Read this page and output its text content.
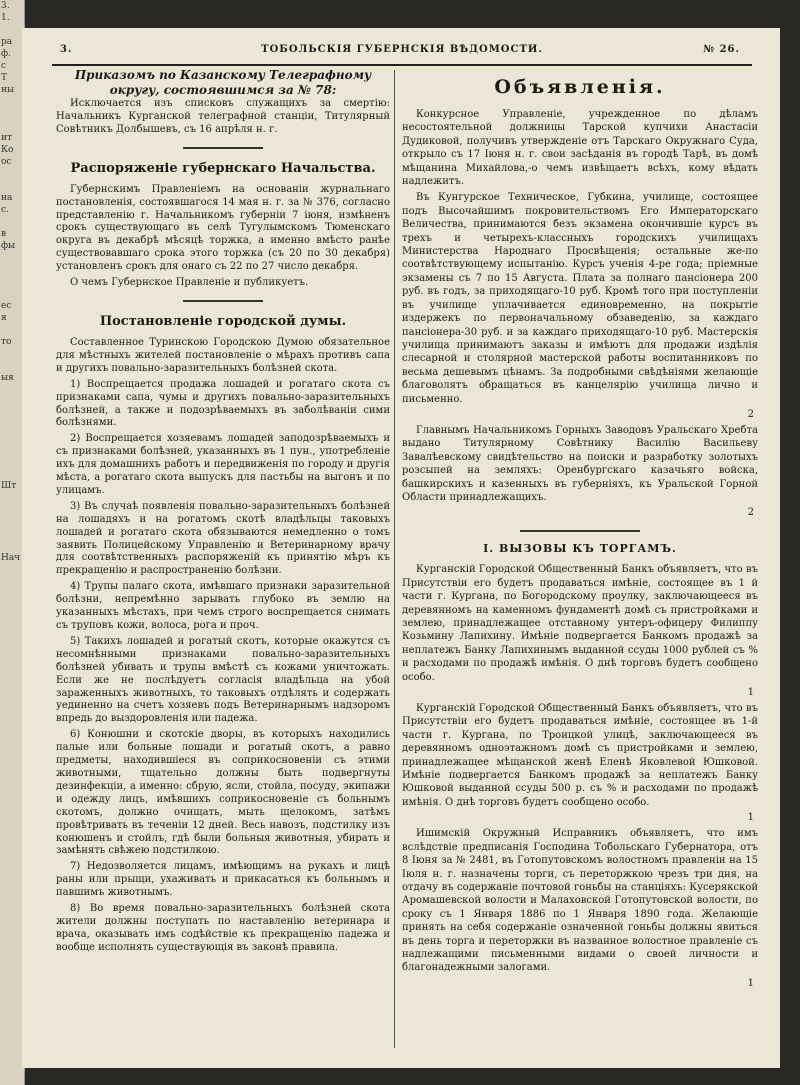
3.
1.

ра
ф.
с
Т
ны

ит
Ко
ос

на
с.

в
фы

ес
я

то

ыя

Шт

Нач

3.	ТОБОЛЬСКІЯ ГУБЕРНСКІЯ ВѢДОМОСТИ.	№ 26.
Приказомъ по Казанскому Телеграфному округу, состоявшимся за № 78:

Исключается изъ списковъ служащихъ за смертію: Начальникъ Курганской телеграфной станціи, Титулярный Совѣтникъ Долбышевъ, съ 16 апрѣля н. г.

Распоряженіе губернскаго Начальства.

Губернскимъ Правленіемъ на основаніи журнальнаго постановленія, состоявшагося 14 мая н. г. за № 376, согласно представленію г. Начальникомъ губерніи 7 іюня, измѣненъ срокъ существующаго въ селѣ Тугулымскомъ Тюменскаго округа въ декабрѣ мѣсяцѣ торжка, а именно вмѣсто ранѣе существовавшаго срока этого торжка (съ 20 по 30 декабря) установленъ срокъ для онаго съ 22 по 27 число декабря.

О чемъ Губернское Правленіе и публикуетъ.

Постановленіе городской думы.

Составленное Туринскою Городскою Думою обязательное для мѣстныхъ жителей постановленіе о мѣрахъ противъ сапа и другихъ повально-заразительныхъ болѣзней скота.

1) Воспрещается продажа лошадей и рогатаго скота съ признаками сапа, чумы и другихъ повально-заразительныхъ болѣзней, а также и подозрѣваемыхъ въ заболѣваніи сими болѣзнями.

2) Воспрещается хозяевамъ лошадей заподозрѣваемыхъ и съ признаками болѣзней, указанныхъ въ 1 пун., употребленіе ихъ для домашнихъ работъ и передвиженія по городу и другія мѣста, а рогатаго скота выпускъ для пастьбы на выгонъ и по улицамъ.

3) Въ случаѣ появленія повально-заразительныхъ болѣзней на лошадяхъ и на рогатомъ скотѣ владѣльцы таковыхъ лошадей и рогатаго скота обязываются немедленно о томъ заявить Полицейскому Управленію и Ветеринарному врачу для соотвѣтственныхъ распоряженій къ принятію мѣръ къ прекращенію и распространенію болѣзни.

4) Трупы палаго скота, имѣвшаго признаки заразительной болѣзни, непремѣнно зарывать глубоко въ землю на указанныхъ мѣстахъ, при чемъ строго воспрещается снимать съ труповъ кожи, волоса, рога и проч.

5) Такихъ лошадей и рогатый скотъ, которые окажутся съ несомнѣнными признаками повально-заразительныхъ болѣзней убивать и трупы вмѣстѣ съ кожами уничтожать. Если же не послѣдуетъ согласія владѣльца на убой зараженныхъ животныхъ, то таковыхъ отдѣлять и содержать уединенно на счетъ хозяевъ подъ Ветеринарнымъ надзоромъ впредь до выздоровленія или падежа.

6) Конюшни и скотскіе дворы, въ которыхъ находились палые или больные лошади и рогатый скотъ, а равно предметы, находившіеся въ соприкосновеніи съ этими животными, тщательно должны быть подвергнуты дезинфекціи, а именно: сбрую, ясли, стойла, посуду, экипажи и одежду лицъ, имѣвшихъ соприкосновеніе съ больнымъ скотомъ, должно очищать, мыть щелокомъ, затѣмъ провѣтривать въ теченіи 12 дней. Весь навозъ, подстилку изъ конюшенъ и стойлъ, гдѣ были больныя животныя, убирать и замѣнять свѣжею подстилкою.

7) Недозволяется лицамъ, имѣющимъ на рукахъ и лицѣ раны или прыщи, ухаживать и прикасаться къ больнымъ и павшимъ животнымъ.

8) Во время повально-заразительныхъ болѣзней скота жители должны поступать по наставленію ветеринара и врача, оказывать имъ содѣйствіе къ прекращенію падежа и вообще исполнять существующія въ законѣ правила.

Объявленія.

Конкурсное Управленіе, учрежденное по дѣламъ несостоятельной должницы Тарской купчихи Анастасіи Дудиковой, получивъ утвержденіе отъ Тарскаго Окружнаго Суда, открыло съ 17 Іюня н. г. свои засѣданія въ городѣ Тарѣ, въ домѣ мѣщанина Михайлова,-о чемъ извѣщаетъ всѣхъ, кому вѣдать надлежитъ.

Въ Кунгурское Техническое, Губкина, училище, состоящее подъ Высочайшимъ покровительствомъ Его Императорскаго Величества, принимаются безъ экзамена окончившіе курсъ въ трехъ и четырехъ-классныхъ городскихъ училищахъ Министерства Народнаго Просвѣщенія; остальные же-по соотвѣтствующему испытанію. Курсъ ученія 4-ре года; пріемные экзамены съ 7 по 15 Августа. Плата за полнаго пансіонера 200 руб. въ годъ, за приходящаго-10 руб. Кромѣ того при поступленіи въ училище уплачивается единовременно, на покрытіе издержекъ по первоначальному обзаведенію, за каждаго пансіонера-30 руб. и за каждаго приходящаго-10 руб. Мастерскія училища принимаютъ заказы и имѣютъ для продажи издѣлія слесарной и столярной мастерской работы воспитанниковъ по весьма дешевымъ цѣнамъ. За подробными свѣдѣніями желающіе благоволятъ обращаться въ канцелярію училища лично и письменно.

2

Главнымъ Начальникомъ Горныхъ Заводовъ Уральскаго Хребта выдано Титулярному Совѣтнику Василію Васильеву Завалѣевскому свидѣтельство на поиски и разработку золотыхъ розсыпей на земляхъ: Оренбургскаго казачьяго войска, башкирскихъ и казенныхъ въ губерніяхъ, къ Уральской Горной Области принадлежащихъ.

2
I. ВЫЗОВЫ КЪ ТОРГАМЪ.

Курганскій Городской Общественный Банкъ объявляетъ, что въ Присутствіи его будетъ продаваться имѣніе, состоящее въ 1 й части г. Кургана, по Богородскому проулку, заключающееся въ деревянномъ на каменномъ фундаментѣ домѣ съ пристройками и землею, принадлежащее отставному унтеръ-офицеру Филиппу Козьмину Лапихину. Имѣніе подвергается Банкомъ продажѣ за неплатежъ Банку Лапихинымъ выданной ссуды 1000 рублей съ % и расходами по продажѣ имѣнія. О днѣ торговъ будетъ сообщено особо.

1

Курганскій Городской Общественный Банкъ объявляетъ, что въ Присутствіи его будетъ продаваться имѣніе, состоящее въ 1-й части г. Кургана, по Троицкой улицѣ, заключающееся въ деревянномъ одноэтажномъ домѣ съ пристройками и землею, принадлежащее мѣщанской женѣ Еленѣ Яковлевой Юшковой. Имѣніе подвергается Банкомъ продажѣ за неплатежъ Банку Юшковой выданной ссуды 500 р. съ % и расходами по продажѣ имѣнія. О днѣ торговъ будетъ сообщено особо.

1

Ишимскій Окружный Исправникъ объявляетъ, что имъ вслѣдствіе предписанія Господина Тобольскаго Губернатора, отъ 8 Іюня за № 2481, въ Готопутовскомъ волостномъ правленіи на 15 Іюля н. г. назначены торги, съ переторжкою чрезъ три дня, на отдачу въ содержаніе почтовой гоньбы на станціяхъ: Кусерякской Аромашевской волости и Малаховской Готопутовской волости, по сроку съ 1 Января 1886 по 1 Января 1890 года. Желающіе принять на себя содержаніе означенной гоньбы должны явиться въ день торга и переторжки въ названное волостное правленіе съ надлежащими письменными видами о своей личности и благонадежными залогами.

1
